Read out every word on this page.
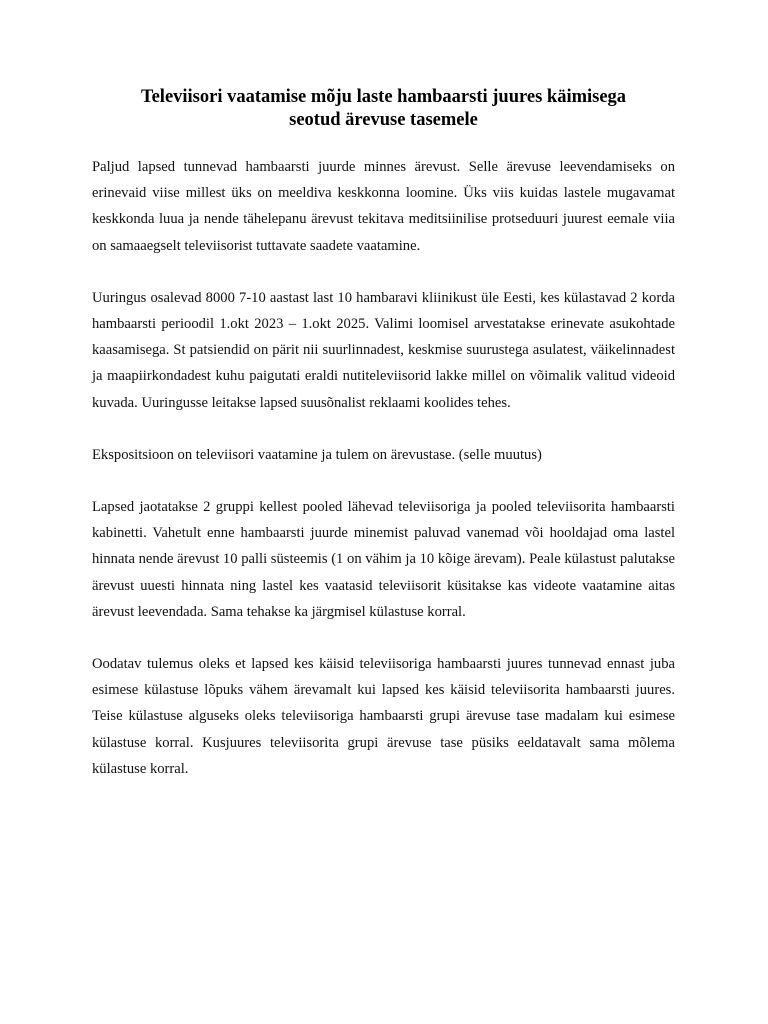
Televiisori vaatamise mõju laste hambaarsti juures käimisega
seotud ärevuse tasemele

Paljud lapsed tunnevad hambaarsti juurde minnes ärevust. Selle ärevuse leevendamiseks on erinevaid viise millest üks on meeldiva keskkonna loomine. Üks viis kuidas lastele mugavamat keskkonda luua ja nende tähelepanu ärevust tekitava meditsiinilise protseduuri juurest eemale viia on samaaegselt televiisorist tuttavate saadete vaatamine.

Uuringus osalevad 8000 7-10 aastast last 10 hambaravi kliinikust üle Eesti, kes külastavad 2 korda hambaarsti perioodil 1.okt 2023 – 1.okt 2025. Valimi loomisel arvestatakse erinevate asukohtade kaasamisega. St patsiendid on pärit nii suurlinnadest, keskmise suurustega asulatest, väikelinnadest ja maapiirkondadest kuhu paigutati eraldi nutiteleviisorid lakke millel on võimalik valitud videoid kuvada. Uuringusse leitakse lapsed suusõnalist reklaami koolides tehes.

Ekspositsioon on televiisori vaatamine ja tulem on ärevustase. (selle muutus)

Lapsed jaotatakse 2 gruppi kellest pooled lähevad televiisoriga ja pooled televiisorita hambaarsti kabinetti. Vahetult enne hambaarsti juurde minemist paluvad vanemad või hooldajad oma lastel hinnata nende ärevust 10 palli süsteemis (1 on vähim ja 10 kõige ärevam). Peale külastust palutakse ärevust uuesti hinnata ning lastel kes vaatasid televiisorit küsitakse kas videote vaatamine aitas ärevust leevendada. Sama tehakse ka järgmisel külastuse korral.

Oodatav tulemus oleks et lapsed kes käisid televiisoriga hambaarsti juures tunnevad ennast juba esimese külastuse lõpuks vähem ärevamalt kui lapsed kes käisid televiisorita hambaarsti juures. Teise külastuse alguseks oleks televiisoriga hambaarsti grupi ärevuse tase madalam kui esimese külastuse korral. Kusjuures televiisorita grupi ärevuse tase püsiks eeldatavalt sama mõlema külastuse korral.
